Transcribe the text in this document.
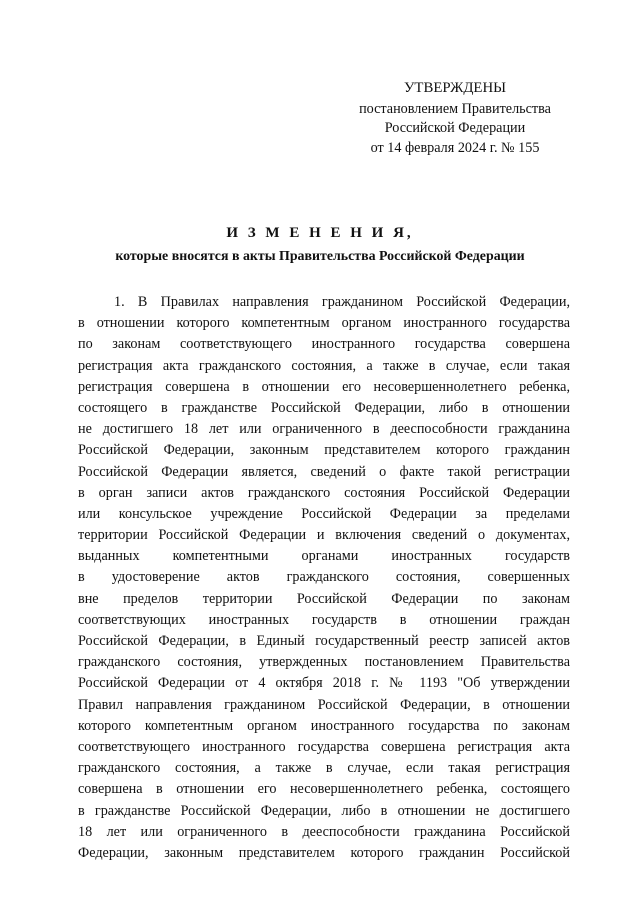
УТВЕРЖДЕНЫ
постановлением Правительства
Российской Федерации
от 14 февраля 2024 г. № 155
И З М Е Н Е Н И Я,
которые вносятся в акты Правительства Российской Федерации
1. В Правилах направления гражданином Российской Федерации,
в отношении которого компетентным органом иностранного государства
по законам соответствующего иностранного государства совершена
регистрация акта гражданского состояния, а также в случае, если такая
регистрация совершена в отношении его несовершеннолетнего ребенка,
состоящего в гражданстве Российской Федерации, либо в отношении
не достигшего 18 лет или ограниченного в дееспособности гражданина
Российской Федерации, законным представителем которого гражданин
Российской Федерации является, сведений о факте такой регистрации
в орган записи актов гражданского состояния Российской Федерации
или консульское учреждение Российской Федерации за пределами
территории Российской Федерации и включения сведений о документах,
выданных компетентными органами иностранных государств
в удостоверение актов гражданского состояния, совершенных
вне пределов территории Российской Федерации по законам
соответствующих иностранных государств в отношении граждан
Российской Федерации, в Единый государственный реестр записей актов
гражданского состояния, утвержденных постановлением Правительства
Российской Федерации от 4 октября 2018 г. № 1193 "Об утверждении
Правил направления гражданином Российской Федерации, в отношении
которого компетентным органом иностранного государства по законам
соответствующего иностранного государства совершена регистрация акта
гражданского состояния, а также в случае, если такая регистрация
совершена в отношении его несовершеннолетнего ребенка, состоящего
в гражданстве Российской Федерации, либо в отношении не достигшего
18 лет или ограниченного в дееспособности гражданина Российской
Федерации, законным представителем которого гражданин Российской
